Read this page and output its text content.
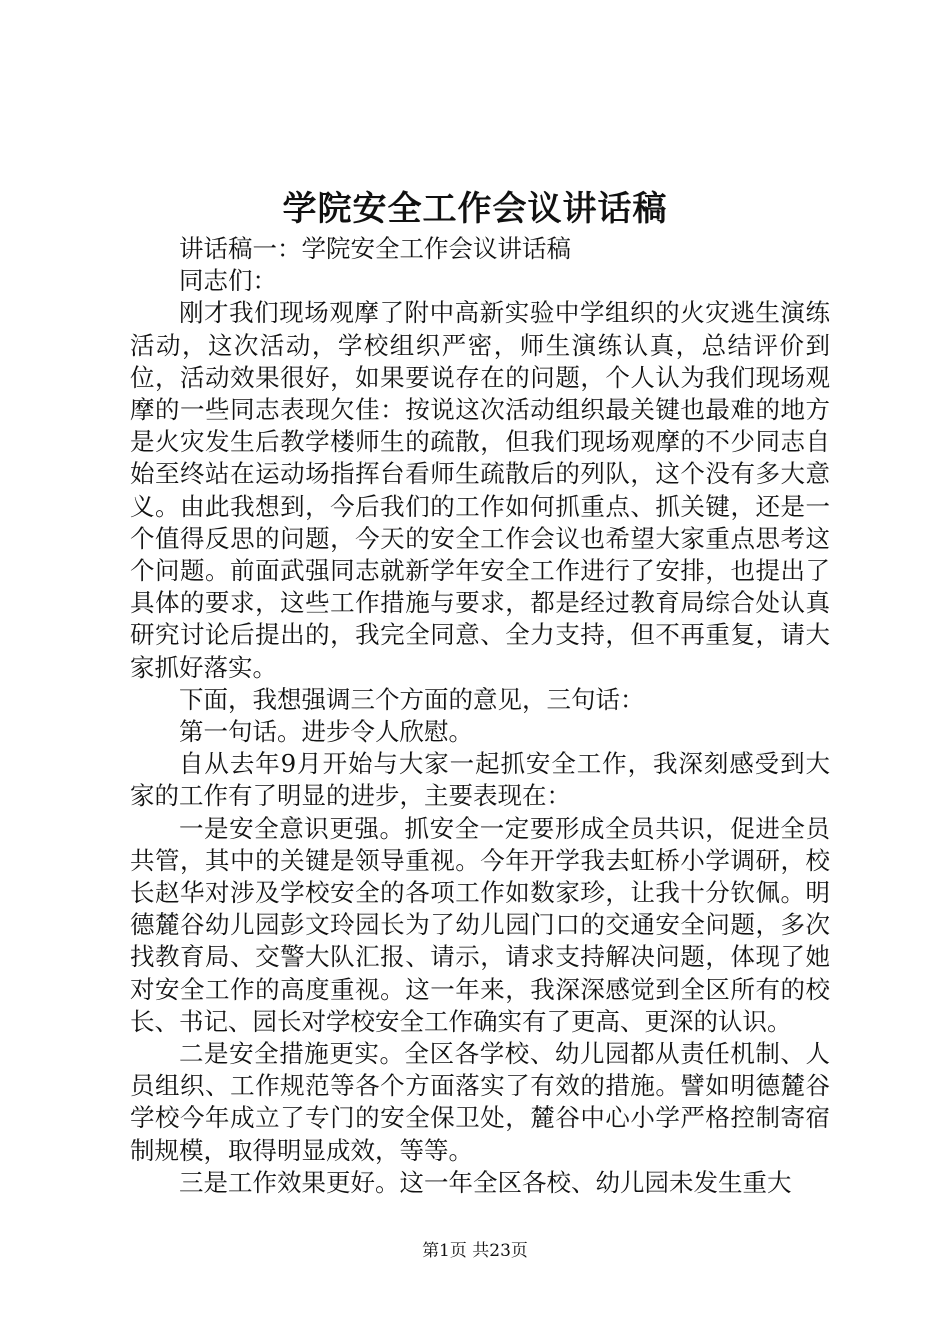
学院安全工作会议讲话稿

讲话稿一：学院安全工作会议讲话稿

同志们：

刚才我们现场观摩了附中高新实验中学组织的火灾逃生演练活动，这次活动，学校组织严密，师生演练认真，总结评价到位，活动效果很好，如果要说存在的问题，个人认为我们现场观摩的一些同志表现欠佳：按说这次活动组织最关键也最难的地方是火灾发生后教学楼师生的疏散，但我们现场观摩的不少同志自始至终站在运动场指挥台看师生疏散后的列队，这个没有多大意义。由此我想到，今后我们的工作如何抓重点、抓关键，还是一个值得反思的问题，今天的安全工作会议也希望大家重点思考这个问题。前面武强同志就新学年安全工作进行了安排，也提出了具体的要求，这些工作措施与要求，都是经过教育局综合处认真研究讨论后提出的，我完全同意、全力支持，但不再重复，请大家抓好落实。

下面，我想强调三个方面的意见，三句话：

第一句话。进步令人欣慰。

自从去年9月开始与大家一起抓安全工作，我深刻感受到大家的工作有了明显的进步，主要表现在：

一是安全意识更强。抓安全一定要形成全员共识，促进全员共管，其中的关键是领导重视。今年开学我去虹桥小学调研，校长赵华对涉及学校安全的各项工作如数家珍，让我十分钦佩。明德麓谷幼儿园彭文玲园长为了幼儿园门口的交通安全问题，多次找教育局、交警大队汇报、请示，请求支持解决问题，体现了她对安全工作的高度重视。这一年来，我深深感觉到全区所有的校长、书记、园长对学校安全工作确实有了更高、更深的认识。

二是安全措施更实。全区各学校、幼儿园都从责任机制、人员组织、工作规范等各个方面落实了有效的措施。譬如明德麓谷学校今年成立了专门的安全保卫处，麓谷中心小学严格控制寄宿制规模，取得明显成效，等等。

三是工作效果更好。这一年全区各校、幼儿园未发生重大

第1页 共23页
